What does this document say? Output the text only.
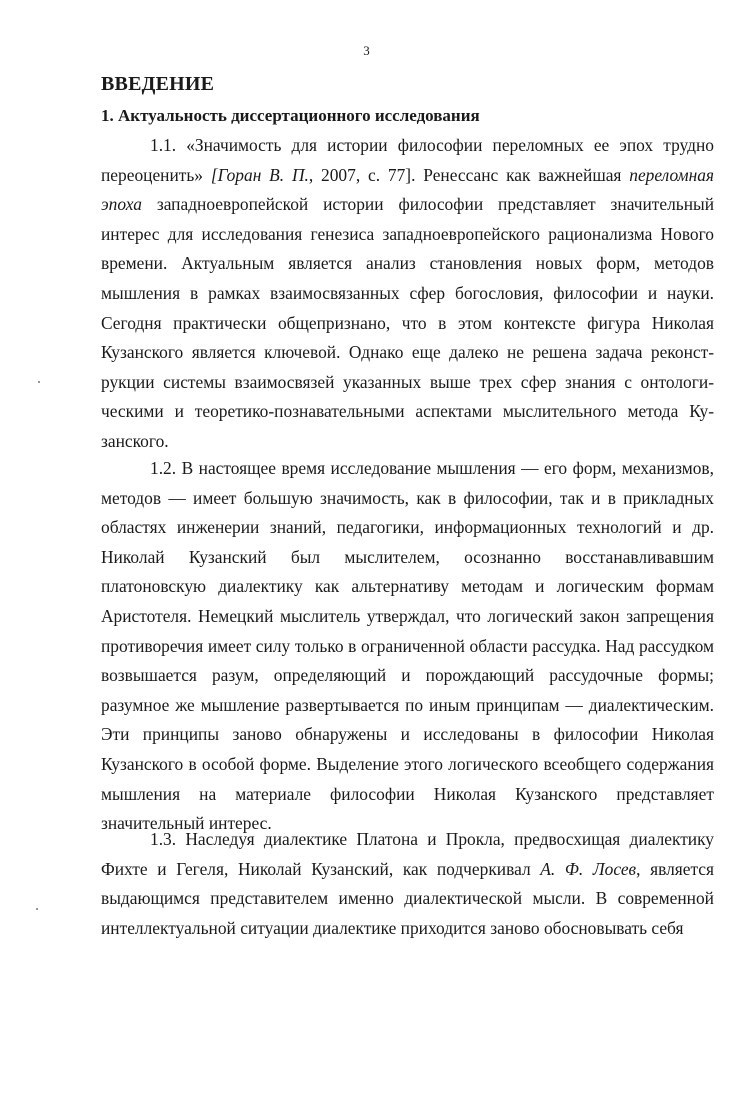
3
ВВЕДЕНИЕ
1. Актуальность диссертационного исследования

1.1. «Значимость для истории философии переломных ее эпох трудно переоценить» [Горан В. П., 2007, с. 77]. Ренессанс как важнейшая переломная эпоха западноевропейской истории философии представляет значительный интерес для исследования генезиса западноевропейского рационализма Нового времени. Актуальным является анализ становления новых форм, методов мышления в рамках взаимосвязанных сфер богословия, философии и науки. Сегодня практически общепризнано, что в этом контексте фигура Николая Кузанского является ключевой. Однако еще далеко не решена задача реконструкции системы взаимосвязей указанных выше трех сфер знания с онтологическими и теоретико-познавательными аспектами мыслительного метода Кузанского.

1.2. В настоящее время исследование мышления — его форм, механизмов, методов — имеет большую значимость, как в философии, так и в прикладных областях инженерии знаний, педагогики, информационных технологий и др. Николай Кузанский был мыслителем, осознанно восстанавливавшим платоновскую диалектику как альтернативу методам и логическим формам Аристотеля. Немецкий мыслитель утверждал, что логический закон запрещения противоречия имеет силу только в ограниченной области рассудка. Над рассудком возвышается разум, определяющий и порождающий рассудочные формы; разумное же мышление развертывается по иным принципам — диалектическим. Эти принципы заново обнаружены и исследованы в философии Николая Кузанского в особой форме. Выделение этого логического всеобщего содержания мышления на материале философии Николая Кузанского представляет значительный интерес.

1.3. Наследуя диалектике Платона и Прокла, предвосхищая диалектику Фихте и Гегеля, Николай Кузанский, как подчеркивал А. Ф. Лосев, является выдающимся представителем именно диалектической мысли. В современной интеллектуальной ситуации диалектике приходится заново обосновывать себя
